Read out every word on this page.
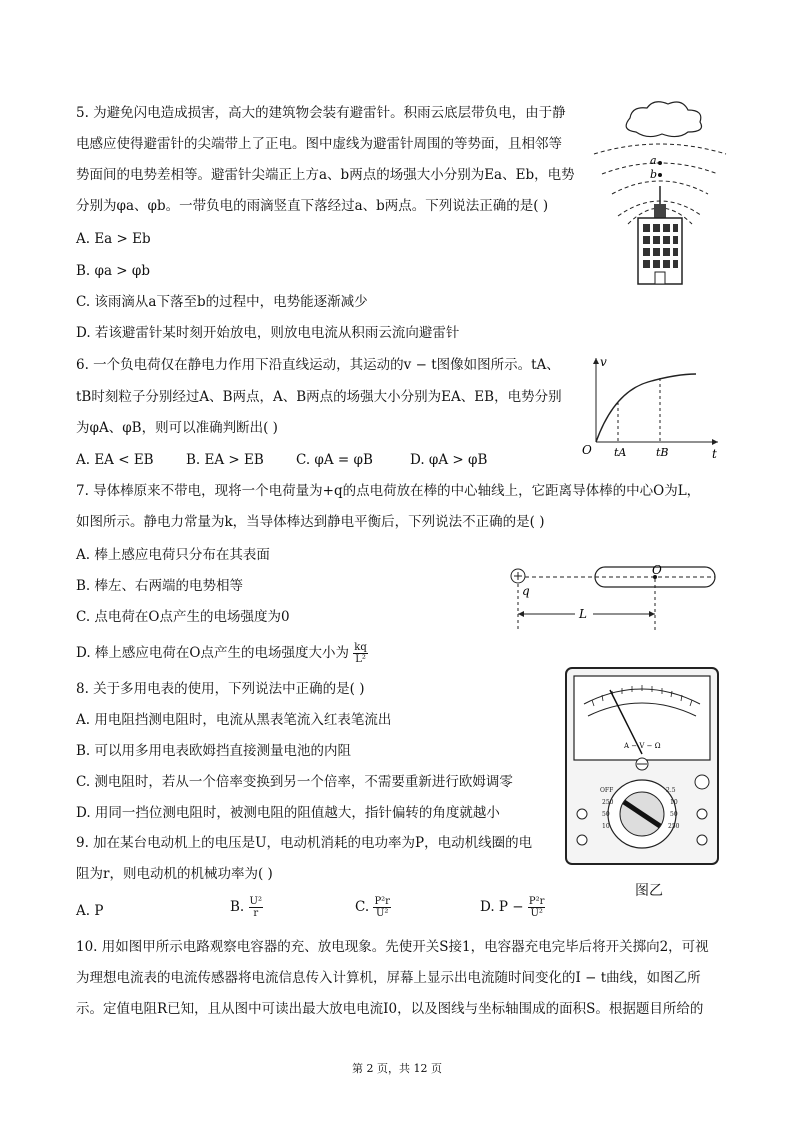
5. 为避免闪电造成损害，高大的建筑物会装有避雷针。积雨云底层带负电，由于静
电感应使得避雷针的尖端带上了正电。图中虚线为避雷针周围的等势面，且相邻等
势面间的电势差相等。避雷针尖端正上方a、b两点的场强大小分别为Ea、Eb，电势
分别为φa、φb。一带负电的雨滴竖直下落经过a、b两点。下列说法正确的是( )
A. Ea > Eb
B. φa > φb
C. 该雨滴从a下落至b的过程中，电势能逐渐减少
D. 若该避雷针某时刻开始放电，则放电电流从积雨云流向避雷针
a
b
6. 一个负电荷仅在静电力作用下沿直线运动，其运动的v − t图像如图所示。tA、
tB时刻粒子分别经过A、B两点，A、B两点的场强大小分别为EA、EB，电势分别
为φA、φB，则可以准确判断出( )
A. EA < EB B. EA > EB C. φA = φB	D. φA > φB
v
t
O tA	tB
7. 导体棒原来不带电，现将一个电荷量为+q的点电荷放在棒的中心轴线上，它距离导体棒的中心O为L，
如图所示。静电力常量为k，当导体棒达到静电平衡后，下列说法不正确的是( )
A. 棒上感应电荷只分布在其表面
B. 棒左、右两端的电势相等
C. 点电荷在O点产生的电场强度为0
D. 棒上感应电荷在O点产生的电场强度大小为 $\frac{kq}{\text{L²}}$
q
O
L
8. 关于多用电表的使用，下列说法中正确的是( )
A. 用电阻挡测电阻时，电流从黑表笔流入红表笔流出
B. 可以用多用电表欧姆挡直接测量电池的内阻
C. 测电阻时，若从一个倍率变换到另一个倍率，不需要重新进行欧姆调零
D. 用同一挡位测电阻时，被测电阻的阻值越大，指针偏转的角度就越小
A − V − Ω
OFF
250
50
10
2.5
10
50
250
图乙
9. 加在某台电动机上的电压是U，电动机消耗的电功率为P，电动机线圈的电
阻为r，则电动机的机械功率为( )
A. P	B. $\frac{\text{U²}}{r}$	C. $\frac{\text{P²r}}{\text{U²}}$	D. $P - \frac{\text{P²r}}{\text{U²}}$
10. 用如图甲所示电路观察电容器的充、放电现象。先使开关S接1，电容器充电完毕后将开关掷向2，可视
为理想电流表的电流传感器将电流信息传入计算机，屏幕上显示出电流随时间变化的I − t曲线，如图乙所
示。定值电阻R已知，且从图中可读出最大放电电流I0，以及图线与坐标轴围成的面积S。根据题目所给的
第 2 页，共 12 页
